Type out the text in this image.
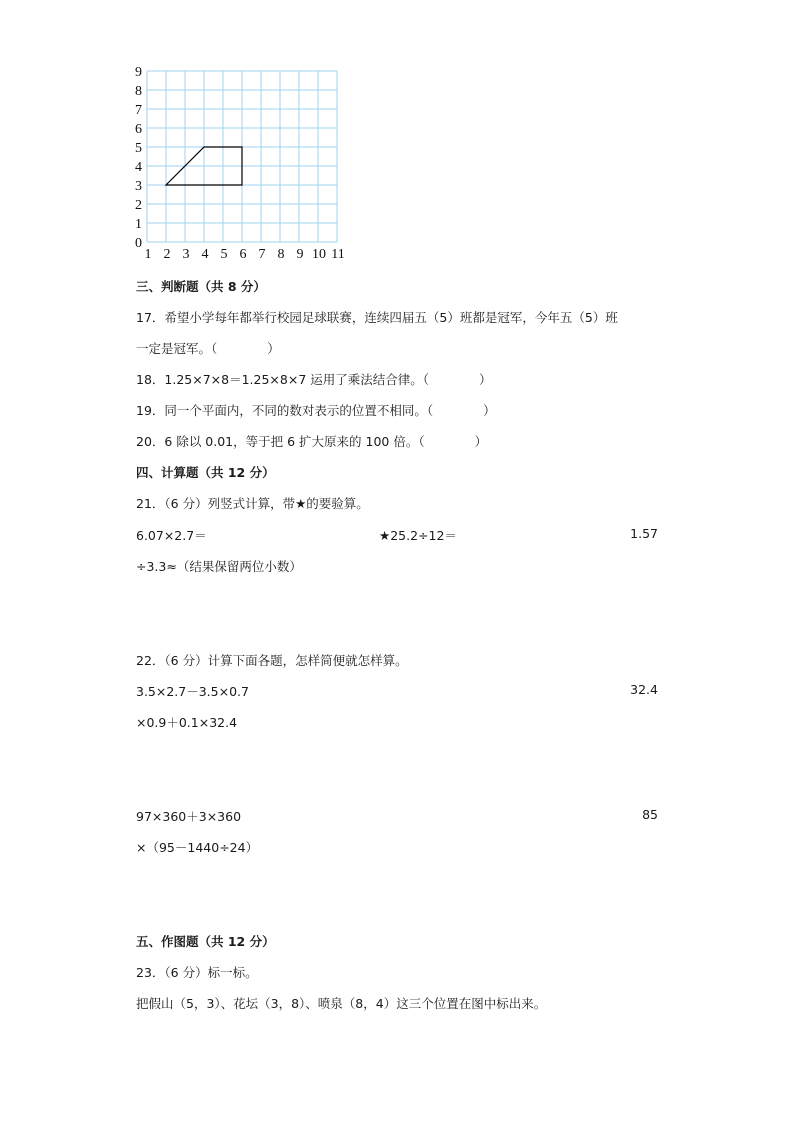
0
1
2
3
4
5
6
7
8
9
1 2 3 4 5 6 7 8 9 10 11
三、判断题（共 8 分）
17．希望小学每年都举行校园足球联赛，连续四届五（5）班都是冠军，今年五（5）班
一定是冠军。（　　　　）
18．1.25×7×8＝1.25×8×7 运用了乘法结合律。（　　　　）
19．同一个平面内，不同的数对表示的位置不相同。（　　　　）
20．6 除以 0.01，等于把 6 扩大原来的 100 倍。（　　　　）
四、计算题（共 12 分）
21．（6 分）列竖式计算，带★的要验算。
6.07×2.7＝	★25.2÷12＝	1.57
÷3.3≈（结果保留两位小数）
22．（6 分）计算下面各题，怎样简便就怎样算。
3.5×2.7－3.5×0.7	32.4
×0.9＋0.1×32.4
97×360＋3×360	85
×（95－1440÷24）
五、作图题（共 12 分）
23．（6 分）标一标。
把假山（5，3）、花坛（3，8）、喷泉（8，4）这三个位置在图中标出来。
